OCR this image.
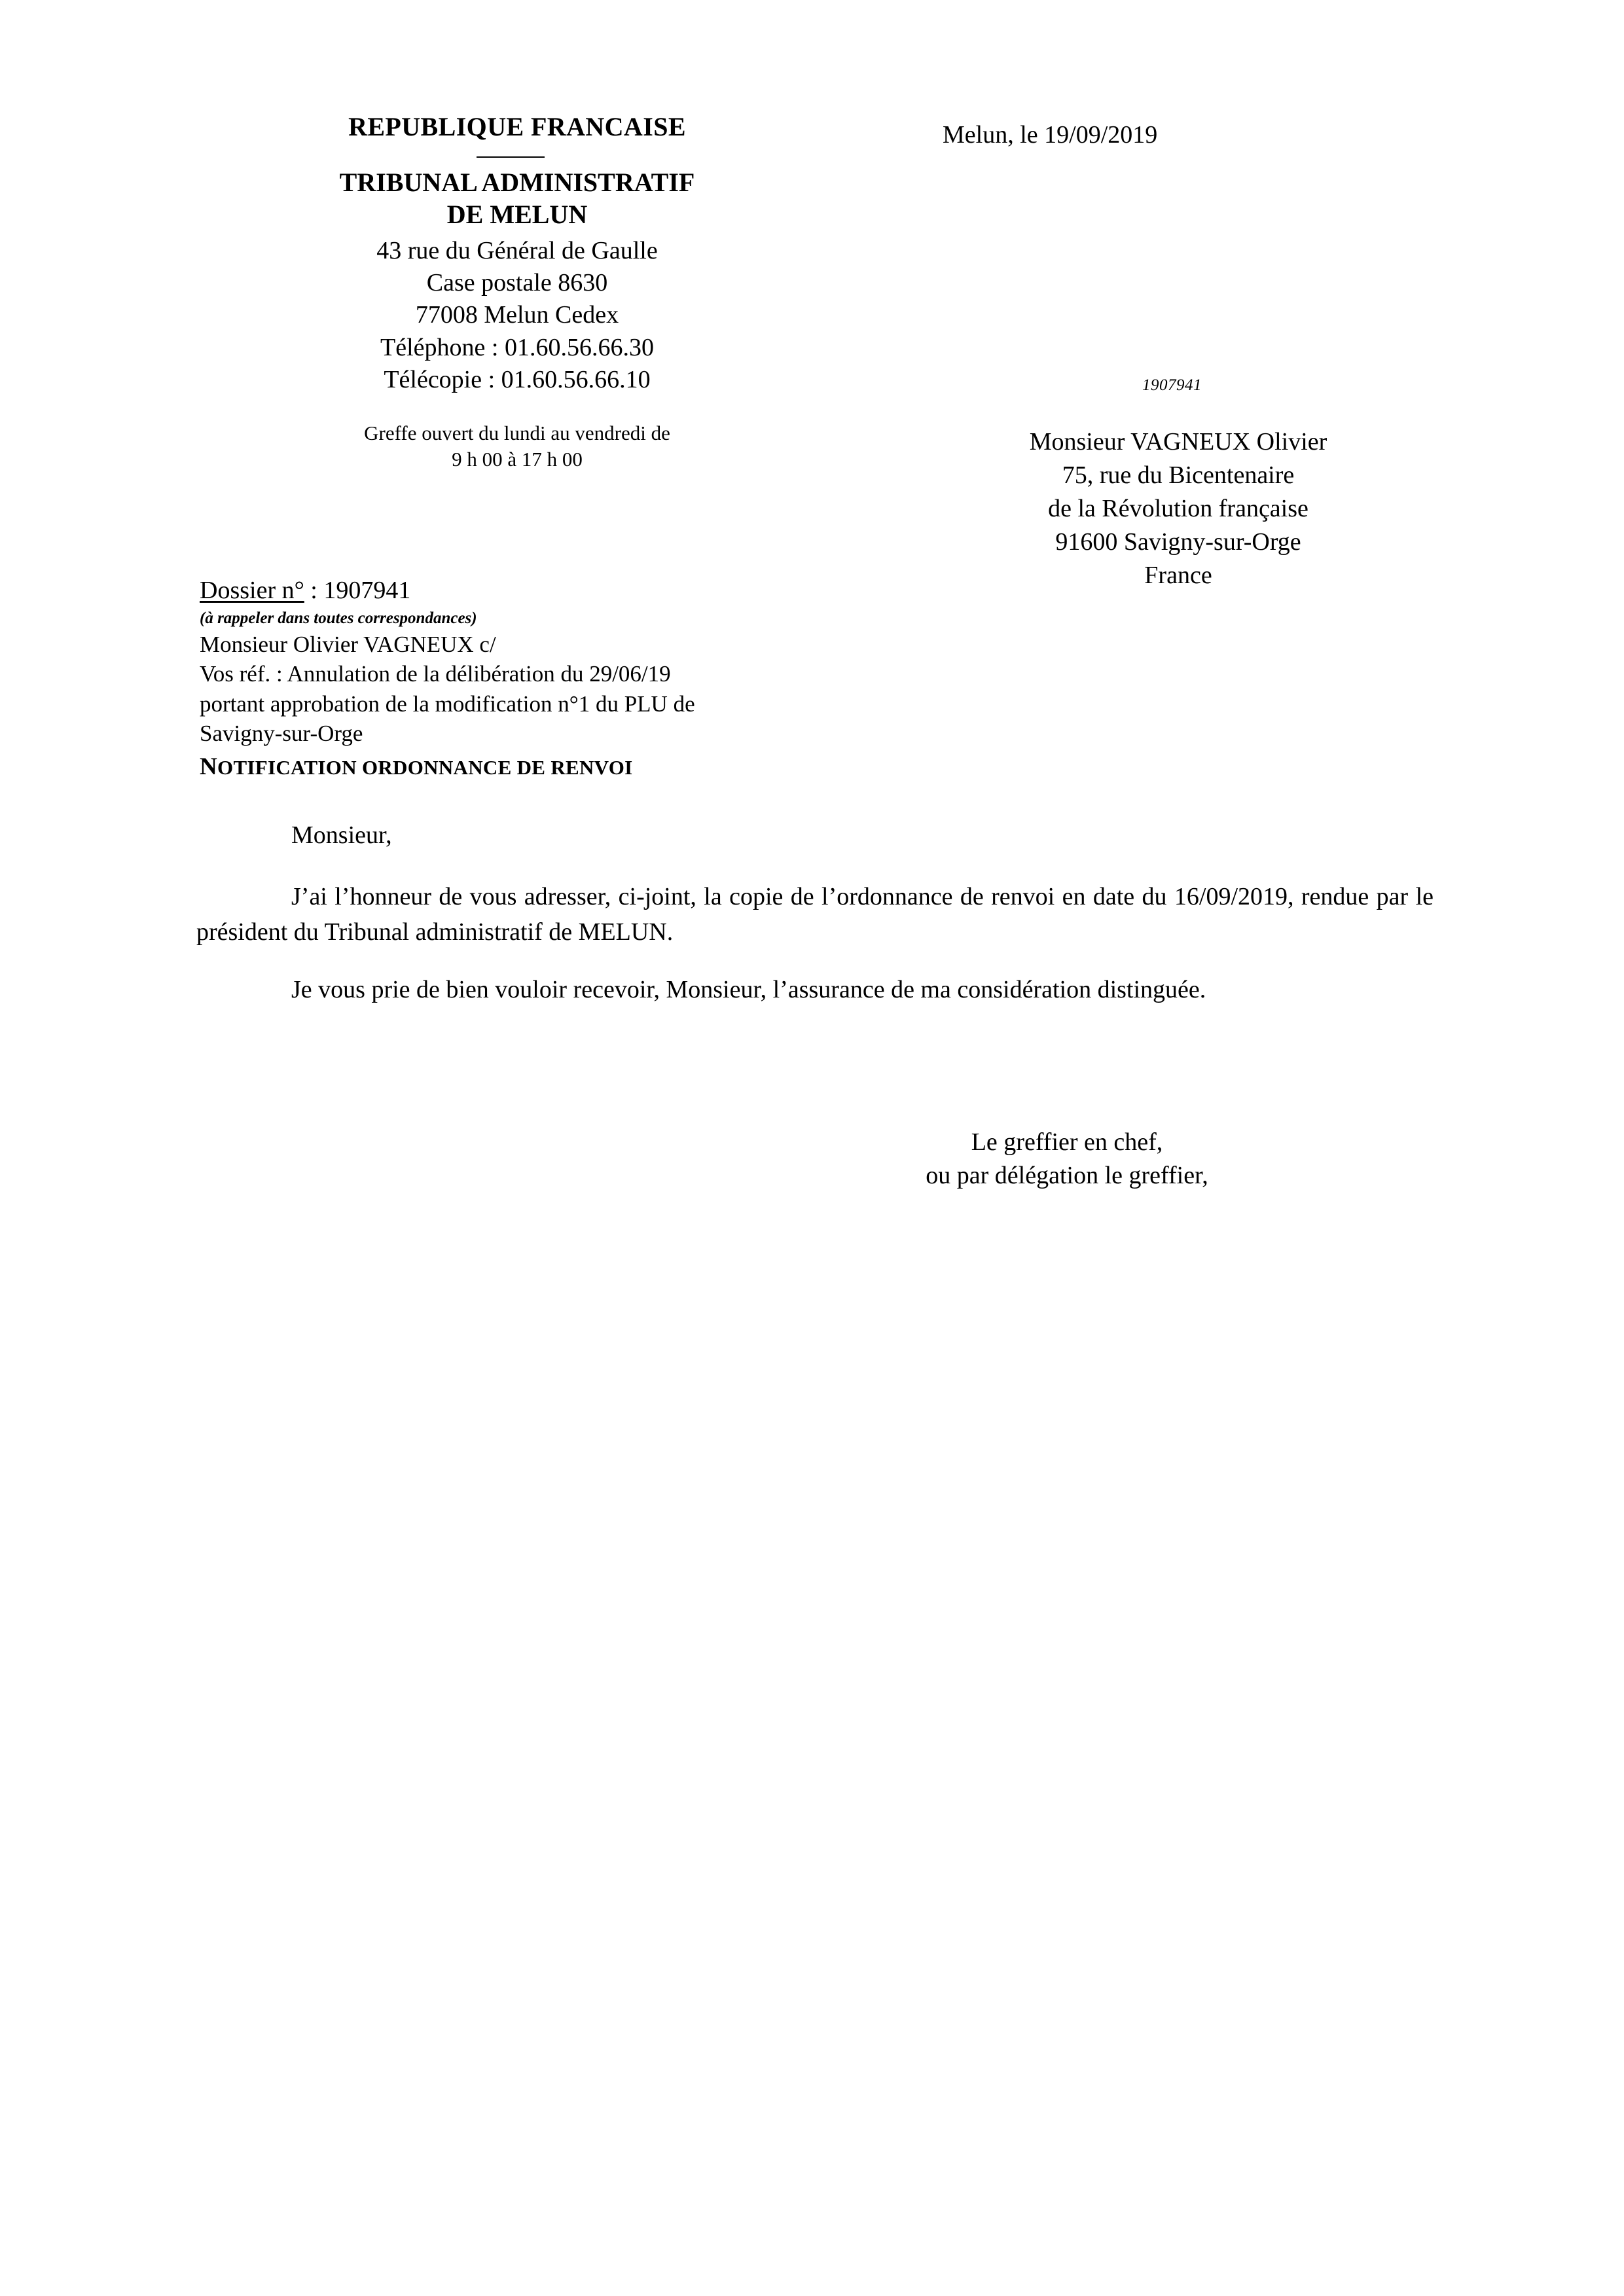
REPUBLIQUE FRANCAISE
TRIBUNAL ADMINISTRATIF
DE MELUN
43 rue du Général de Gaulle
Case postale 8630
77008 Melun Cedex
Téléphone : 01.60.56.66.30
Télécopie : 01.60.56.66.10
Greffe ouvert du lundi au vendredi de
9 h 00 à 17 h 00
Melun, le 19/09/2019
1907941
Monsieur VAGNEUX Olivier
75, rue du Bicentenaire
de la Révolution française
91600 Savigny-sur-Orge
France
Dossier n° : 1907941
(à rappeler dans toutes correspondances)
Monsieur Olivier VAGNEUX c/
Vos réf. : Annulation de la délibération du 29/06/19
portant approbation de la modification n°1 du PLU de
Savigny-sur-Orge
NOTIFICATION ORDONNANCE DE RENVOI
Monsieur,
J’ai l’honneur de vous adresser, ci-joint, la copie de l’ordonnance de renvoi en date du 16/09/2019, rendue par le président du Tribunal administratif de MELUN.
Je vous prie de bien vouloir recevoir, Monsieur, l’assurance de ma considération distinguée.
Le greffier en chef,
ou par délégation le greffier,
